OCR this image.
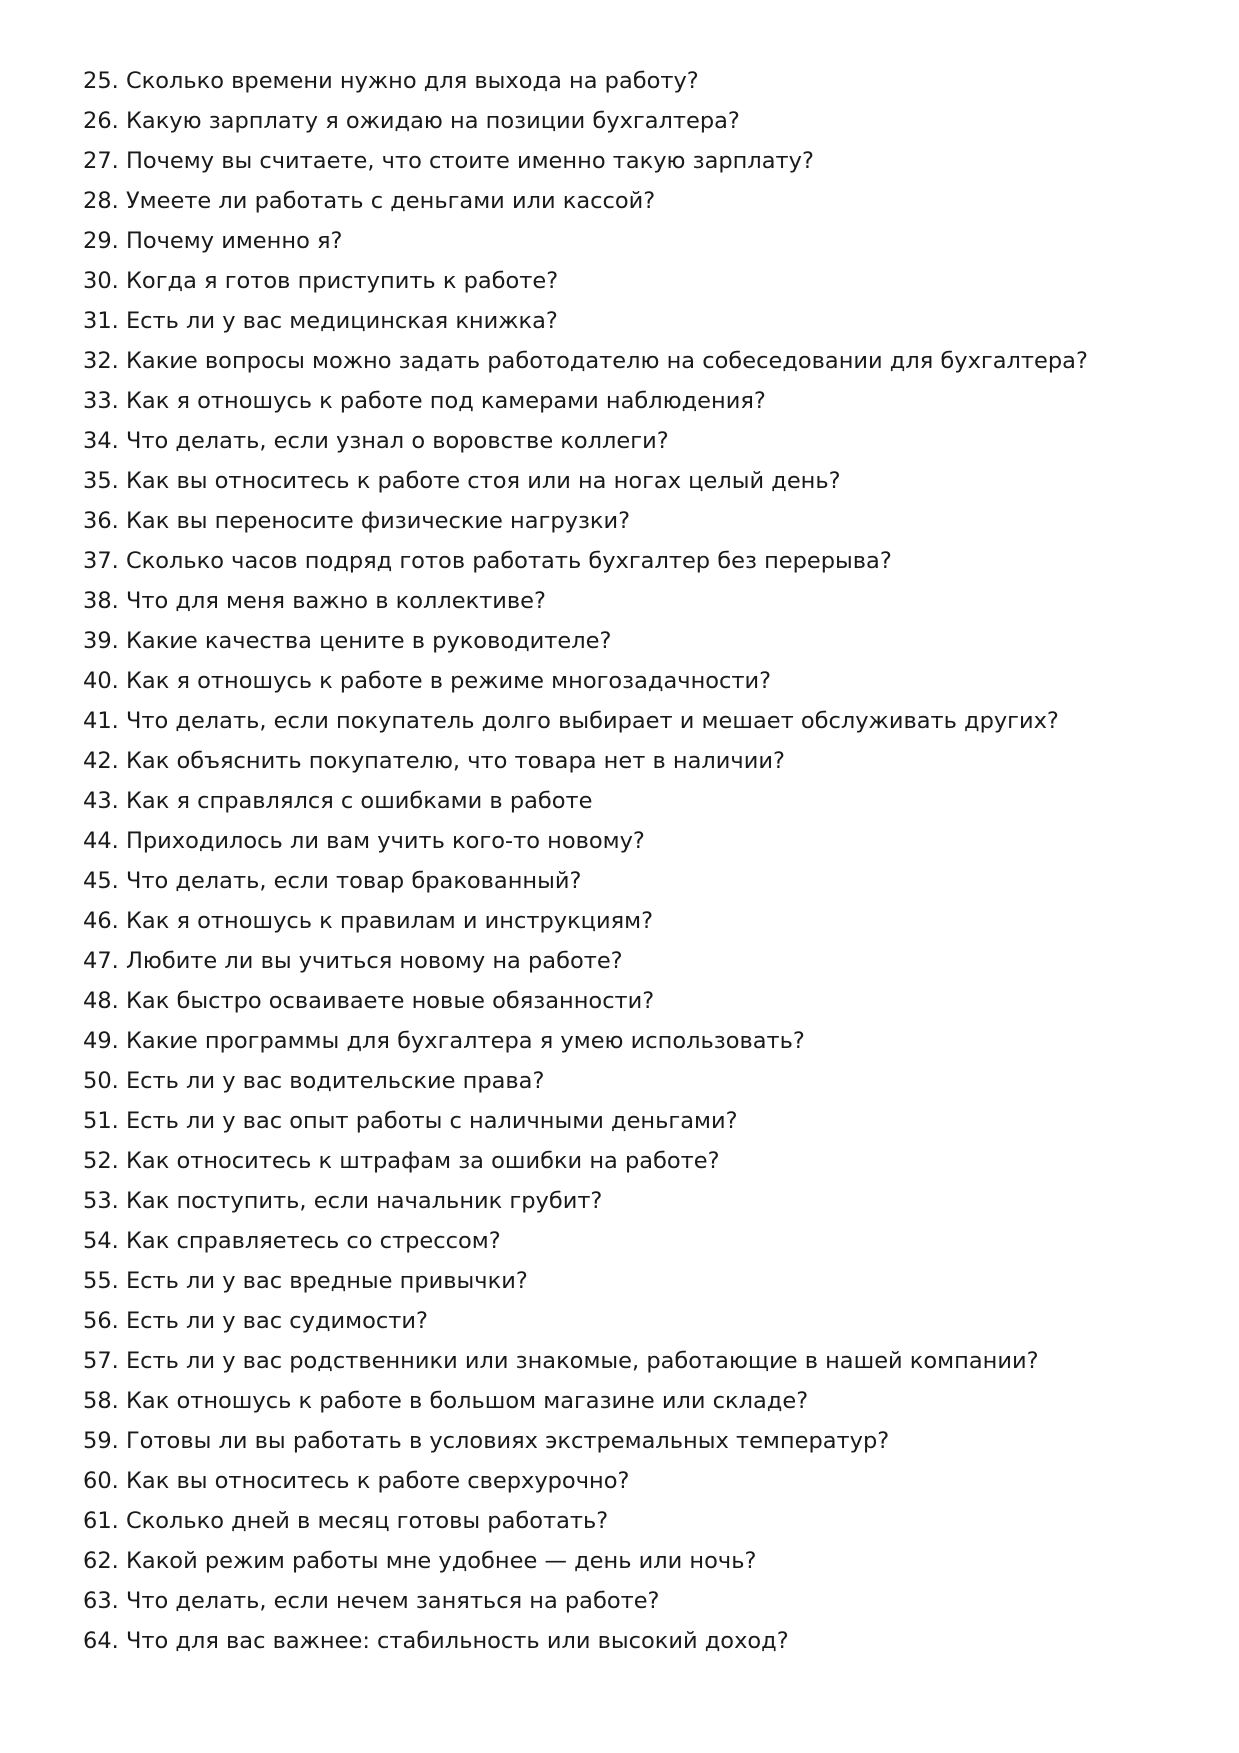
25. Сколько времени нужно для выхода на работу?
26. Какую зарплату я ожидаю на позиции бухгалтера?
27. Почему вы считаете, что стоите именно такую зарплату?
28. Умеете ли работать с деньгами или кассой?
29. Почему именно я?
30. Когда я готов приступить к работе?
31. Есть ли у вас медицинская книжка?
32. Какие вопросы можно задать работодателю на собеседовании для бухгалтера?
33. Как я отношусь к работе под камерами наблюдения?
34. Что делать, если узнал о воровстве коллеги?
35. Как вы относитесь к работе стоя или на ногах целый день?
36. Как вы переносите физические нагрузки?
37. Сколько часов подряд готов работать бухгалтер без перерыва?
38. Что для меня важно в коллективе?
39. Какие качества цените в руководителе?
40. Как я отношусь к работе в режиме многозадачности?
41. Что делать, если покупатель долго выбирает и мешает обслуживать других?
42. Как объяснить покупателю, что товара нет в наличии?
43. Как я справлялся с ошибками в работе
44. Приходилось ли вам учить кого-то новому?
45. Что делать, если товар бракованный?
46. Как я отношусь к правилам и инструкциям?
47. Любите ли вы учиться новому на работе?
48. Как быстро осваиваете новые обязанности?
49. Какие программы для бухгалтера я умею использовать?
50. Есть ли у вас водительские права?
51. Есть ли у вас опыт работы с наличными деньгами?
52. Как относитесь к штрафам за ошибки на работе?
53. Как поступить, если начальник грубит?
54. Как справляетесь со стрессом?
55. Есть ли у вас вредные привычки?
56. Есть ли у вас судимости?
57. Есть ли у вас родственники или знакомые, работающие в нашей компании?
58. Как отношусь к работе в большом магазине или складе?
59. Готовы ли вы работать в условиях экстремальных температур?
60. Как вы относитесь к работе сверхурочно?
61. Сколько дней в месяц готовы работать?
62. Какой режим работы мне удобнее — день или ночь?
63. Что делать, если нечем заняться на работе?
64. Что для вас важнее: стабильность или высокий доход?
